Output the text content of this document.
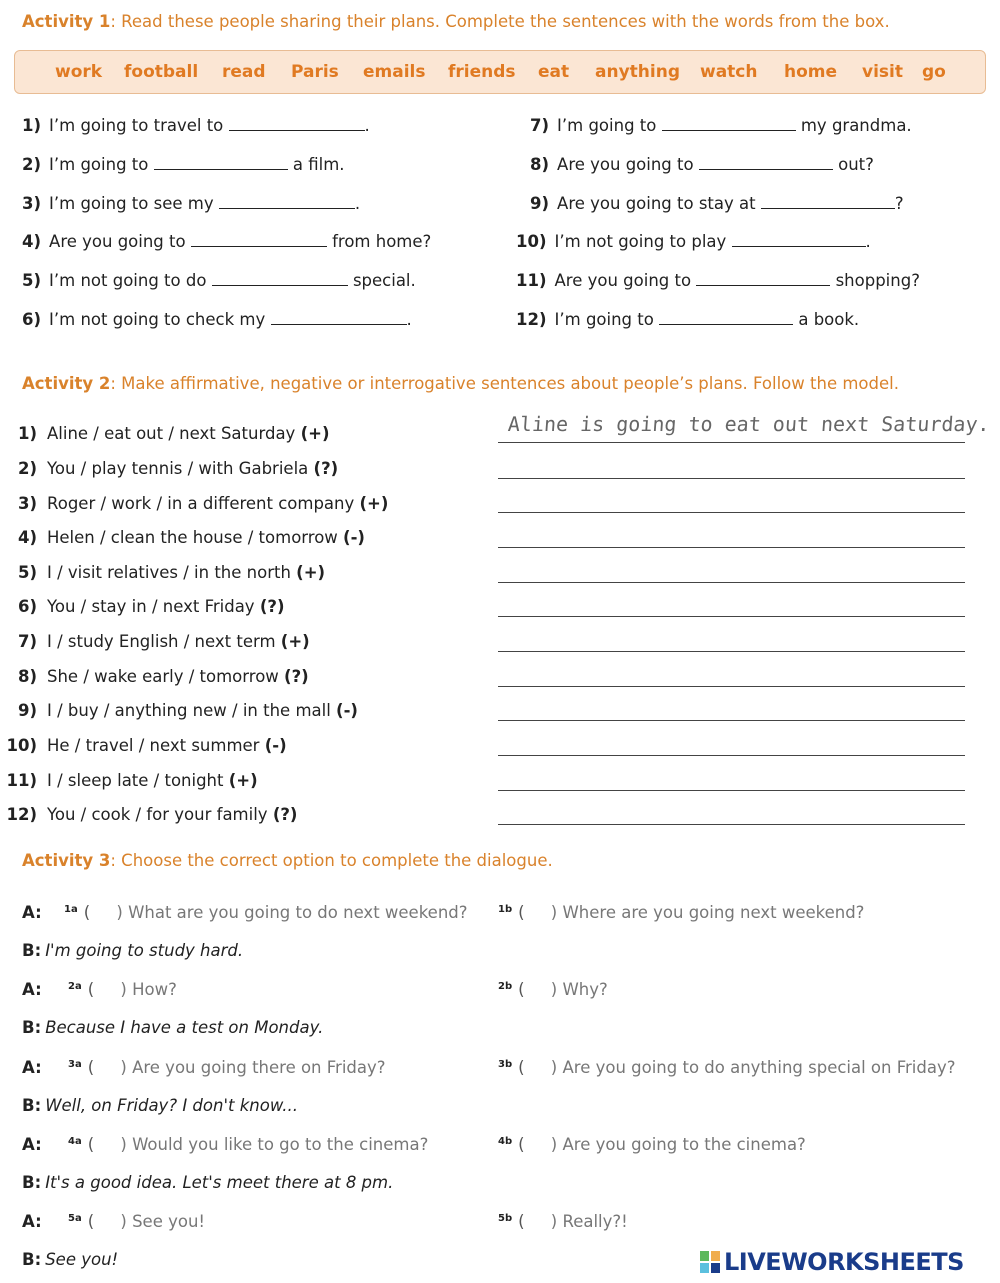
Activity 1: Read these people sharing their plans. Complete the sentences with the words from the box.
work football read Paris emails friends eat anything watch home visit go
1) I’m going to travel to	.
2) I’m going to	a film.
3) I’m going to see my	.
4) Are you going to	from home?
5) I’m not going to do	special.
6) I’m not going to check my	.
7) I’m going to	my grandma.
8) Are you going to	out?
9) Are you going to stay at	?
10) I’m not going to play	.
11) Are you going to	shopping?
12) I’m going to	a book.
Activity 2: Make affirmative, negative or interrogative sentences about people’s plans. Follow the model.
Aline is going to eat out next Saturday.
1) Aline / eat out / next Saturday (+)
2) You / play tennis / with Gabriela (?)
3) Roger / work / in a different company (+)
4) Helen / clean the house / tomorrow (-)
5) I / visit relatives / in the north (+)
6) You / stay in / next Friday (?)
7) I / study English / next term (+)
8) She / wake early / tomorrow (?)
9) I / buy / anything new / in the mall (-)
10) He / travel / next summer (-)
11) I / sleep late / tonight (+)
12) You / cook / for your family (?)
Activity 3: Choose the correct option to complete the dialogue.
A:	$^{1a}$ ( ) What are you going to do next weekend?	$^{1b}$ ( ) Where are you going next weekend?
B: I'm going to study hard.
A:	$^{2a}$ ( ) How?	$^{2b}$ ( ) Why?
B: Because I have a test on Monday.
A:	$^{3a}$ ( ) Are you going there on Friday?	$^{3b}$ ( ) Are you going to do anything special on Friday?
B: Well, on Friday? I don't know...
A:	$^{4a}$ ( ) Would you like to go to the cinema?	$^{4b}$ ( ) Are you going to the cinema?
B: It's a good idea. Let's meet there at 8 pm.
A:	$^{5a}$ ( ) See you!	$^{5b}$ ( ) Really?!
B: See you!	LIVEWORKSHEETS
